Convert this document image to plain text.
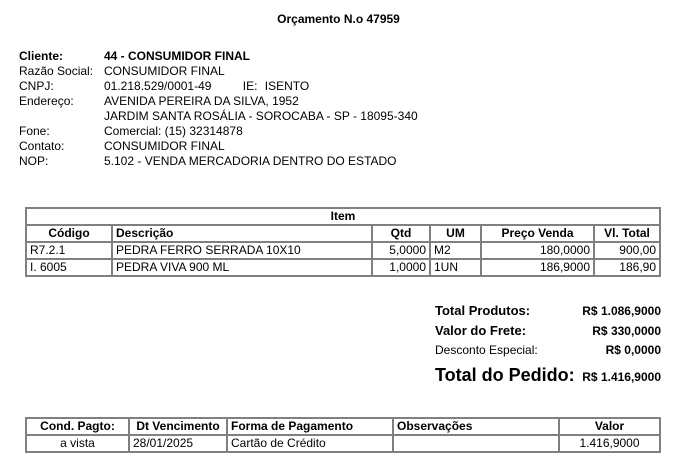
Orçamento N.o 47959
Cliente:	44 - CONSUMIDOR FINAL
Razão Social:	CONSUMIDOR FINAL
CNPJ:	01.218.529/0001-49 IE: ISENTO
Endereço:	AVENIDA PEREIRA DA SILVA, 1952
	JARDIM SANTA ROSÁLIA - SOROCABA - SP - 18095-340
Fone:	Comercial: (15) 32314878
Contato:	CONSUMIDOR FINAL
NOP:	5.102 - VENDA MERCADORIA DENTRO DO ESTADO
Item					
Código	Descrição	Qtd	UM	Preço Venda	Vl. Total
R7.2.1	PEDRA FERRO SERRADA 10X10	5,0000	M2	180,0000	900,00
I. 6005	PEDRA VIVA 900 ML	1,0000	1UN	186,9000	186,90
Total Produtos:	R$ 1.086,9000
Valor do Frete:	R$ 330,0000
Desconto Especial:	R$ 0,0000
Total do Pedido: R$ 1.416,9000
Cond. Pagto:	Dt Vencimento	Forma de Pagamento	Observações	Valor
a vista	28/01/2025	Cartão de Crédito		1.416,9000
